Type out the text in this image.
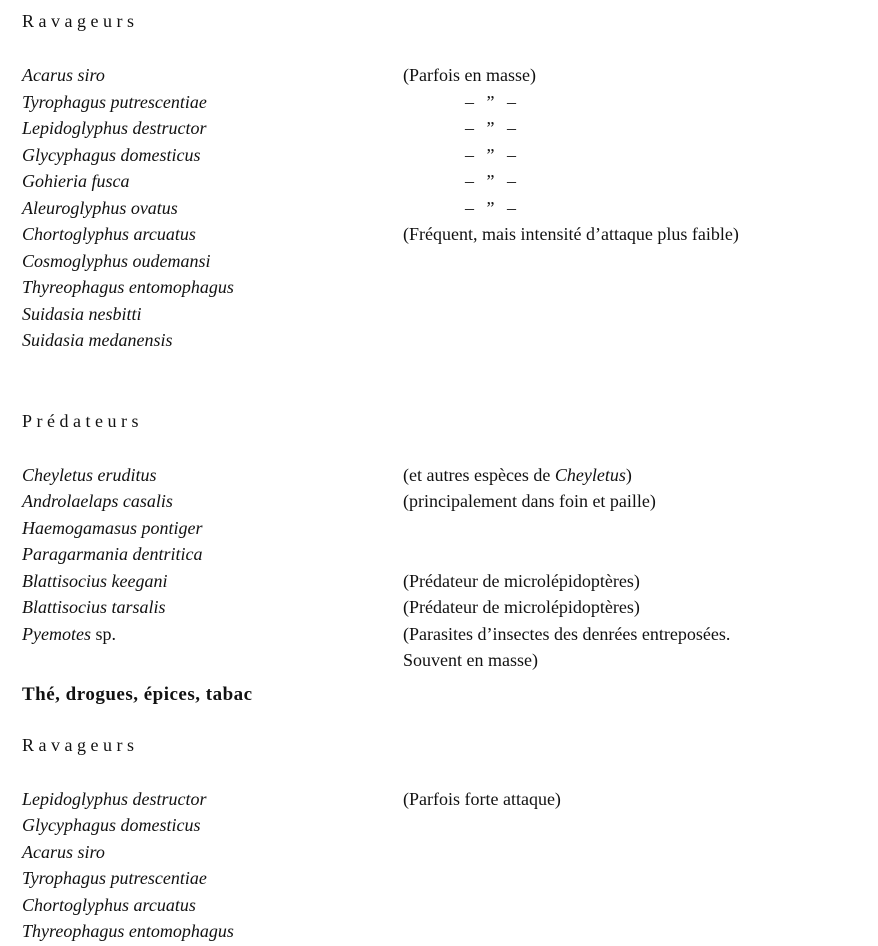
Ravageurs
Acarus siro	(Parfois en masse)
Tyrophagus putrescentiae	– ” –
Lepidoglyphus destructor	– ” –
Glycyphagus domesticus	– ” –
Gohieria fusca	– ” –
Aleuroglyphus ovatus	– ” –
Chortoglyphus arcuatus	(Fréquent, mais intensité d’attaque plus faible)
Cosmoglyphus oudemansi
Thyreophagus entomophagus
Suidasia nesbitti
Suidasia medanensis
Prédateurs
Cheyletus eruditus	(et autres espèces de Cheyletus)
Androlaelaps casalis	(principalement dans foin et paille)
Haemogamasus pontiger
Paragarmania dentritica
Blattisocius keegani	(Prédateur de microlépidoptères)
Blattisocius tarsalis	(Prédateur de microlépidoptères)
Pyemotes sp.	(Parasites d’insectes des denrées entreposées.
Souvent en masse)
Thé, drogues, épices, tabac
Ravageurs
Lepidoglyphus destructor	(Parfois forte attaque)
Glycyphagus domesticus
Acarus siro
Tyrophagus putrescentiae
Chortoglyphus arcuatus
Thyreophagus entomophagus
